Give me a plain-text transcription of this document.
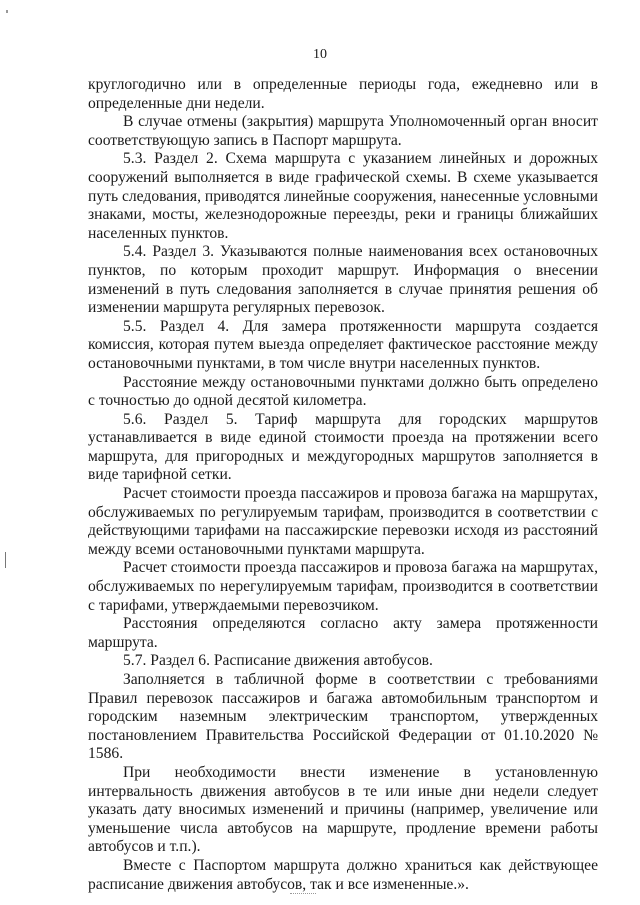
10

круглогодично или в определенные периоды года, ежедневно или в определенные дни недели.

В случае отмены (закрытия) маршрута Уполномоченный орган вносит соответствующую запись в Паспорт маршрута.

5.3. Раздел 2. Схема маршрута с указанием линейных и дорожных сооружений выполняется в виде графической схемы. В схеме указывается путь следования, приводятся линейные сооружения, нанесенные условными знаками, мосты, железнодорожные переезды, реки и границы ближайших населенных пунктов.

5.4. Раздел 3. Указываются полные наименования всех остановочных пунктов, по которым проходит маршрут. Информация о внесении изменений в путь следования заполняется в случае принятия решения об изменении маршрута регулярных перевозок.

5.5. Раздел 4. Для замера протяженности маршрута создается комиссия, которая путем выезда определяет фактическое расстояние между остановочными пунктами, в том числе внутри населенных пунктов.

Расстояние между остановочными пунктами должно быть определено с точностью до одной десятой километра.

5.6. Раздел 5. Тариф маршрута для городских маршрутов устанавливается в виде единой стоимости проезда на протяжении всего маршрута, для пригородных и междугородных маршрутов заполняется в виде тарифной сетки.

Расчет стоимости проезда пассажиров и провоза багажа на маршрутах, обслуживаемых по регулируемым тарифам, производится в соответствии с действующими тарифами на пассажирские перевозки исходя из расстояний между всеми остановочными пунктами маршрута.

Расчет стоимости проезда пассажиров и провоза багажа на маршрутах, обслуживаемых по нерегулируемым тарифам, производится в соответствии с тарифами, утверждаемыми перевозчиком.

Расстояния определяются согласно акту замера протяженности маршрута.

5.7. Раздел 6. Расписание движения автобусов.

Заполняется в табличной форме в соответствии с требованиями Правил перевозок пассажиров и багажа автомобильным транспортом и городским наземным электрическим транспортом, утвержденных постановлением Правительства Российской Федерации от 01.10.2020 № 1586.

При необходимости внести изменение в установленную интервальность движения автобусов в те или иные дни недели следует указать дату вносимых изменений и причины (например, увеличение или уменьшение числа автобусов на маршруте, продление времени работы автобусов и т.п.).

Вместе с Паспортом маршрута должно храниться как действующее расписание движения автобусов, так и все измененные.».
